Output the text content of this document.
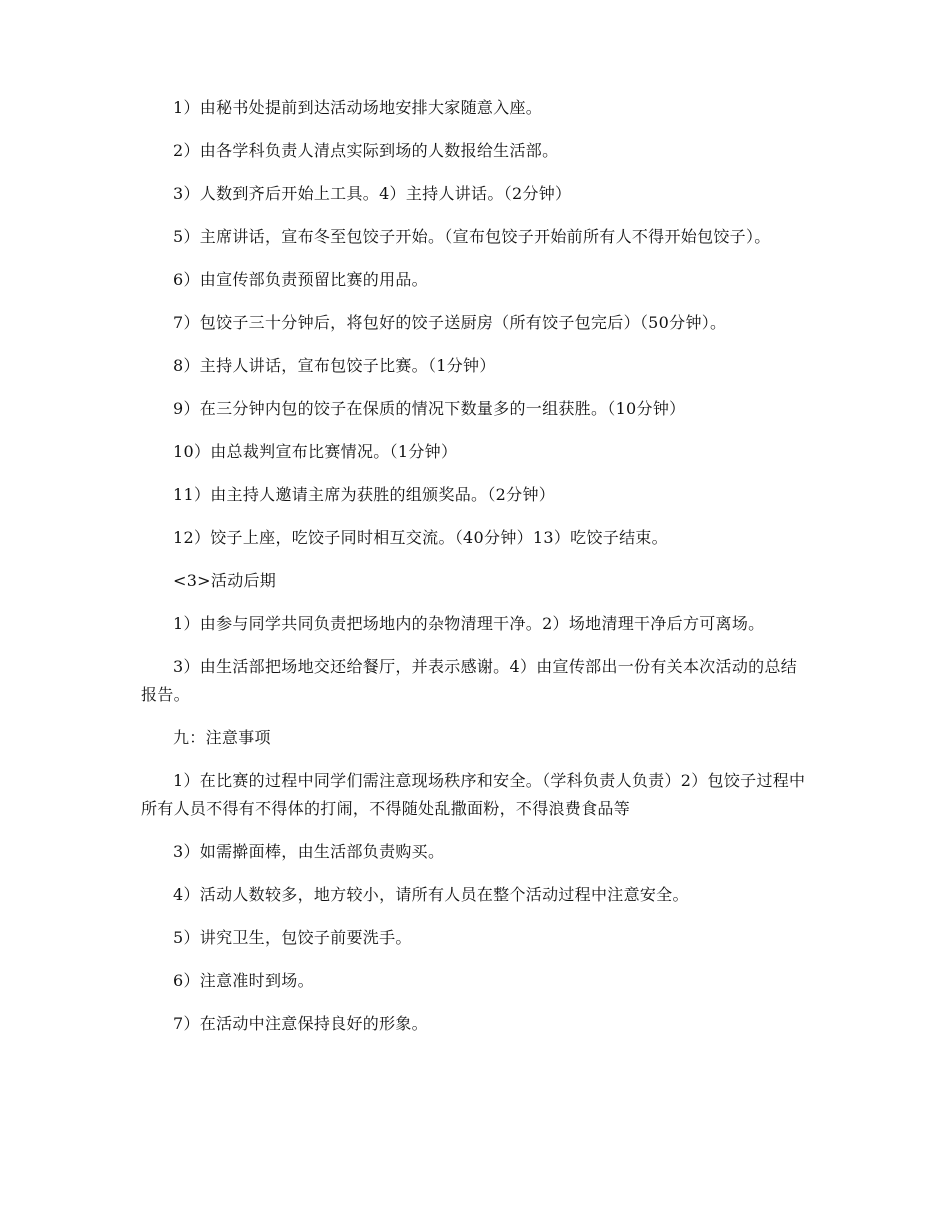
1）由秘书处提前到达活动场地安排大家随意入座。

2）由各学科负责人清点实际到场的人数报给生活部。

3）人数到齐后开始上工具。4）主持人讲话。（2分钟）

5）主席讲话，宣布冬至包饺子开始。（宣布包饺子开始前所有人不得开始包饺子）。

6）由宣传部负责预留比赛的用品。

7）包饺子三十分钟后，将包好的饺子送厨房（所有饺子包完后）（50分钟）。

8）主持人讲话，宣布包饺子比赛。（1分钟）

9）在三分钟内包的饺子在保质的情况下数量多的一组获胜。（10分钟）

10）由总裁判宣布比赛情况。（1分钟）

11）由主持人邀请主席为获胜的组颁奖品。（2分钟）

12）饺子上座，吃饺子同时相互交流。（40分钟）13）吃饺子结束。

<3>活动后期

1）由参与同学共同负责把场地内的杂物清理干净。2）场地清理干净后方可离场。

3）由生活部把场地交还给餐厅，并表示感谢。4）由宣传部出一份有关本次活动的总结报告。

九：注意事项

1）在比赛的过程中同学们需注意现场秩序和安全。（学科负责人负责）2）包饺子过程中所有人员不得有不得体的打闹，不得随处乱撒面粉，不得浪费食品等

3）如需擀面棒，由生活部负责购买。

4）活动人数较多，地方较小，请所有人员在整个活动过程中注意安全。

5）讲究卫生，包饺子前要洗手。

6）注意准时到场。

7）在活动中注意保持良好的形象。
